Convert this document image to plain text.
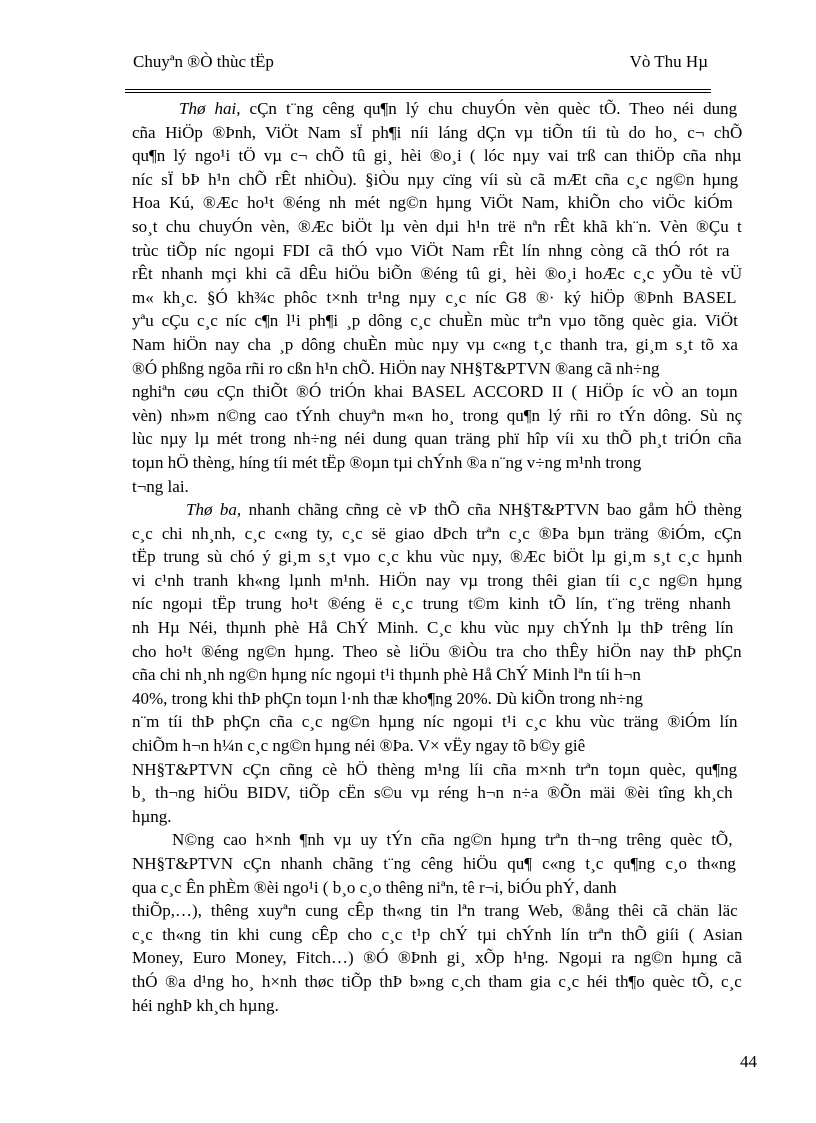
Chuyªn ®Ò thùc tËp	Vò Thu Hµ

Thø hai, cÇn t¨ng cêng qu¶n lý chu chuyÓn vèn quèc tÕ. Theo néi dung
cña HiÖp ®Þnh, ViÖt Nam sÏ ph¶i níi láng dÇn vµ tiÕn tíi tù do ho¸ c¬ chÕ
qu¶n lý ngo¹i tÖ vµ c¬ chÕ tû gi¸ hèi ®o¸i ( lóc nµy vai trß can thiÖp cña nhµ
níc sÏ bÞ h¹n chÕ rÊt nhiÒu). §iÒu nµy cïng víi sù cã mÆt cña c¸c ng©n hµng
Hoa Kú, ®Æc ho¹t ®éng nh mét ng©n hµng ViÖt Nam, khiÕn cho viÖc kiÓm
so¸t chu chuyÓn vèn, ®Æc biÖt lµ vèn dµi h¹n trë nªn rÊt khã kh¨n. Vèn ®Çu t
trùc tiÕp níc ngoµi FDI cã thÓ vµo ViÖt Nam rÊt lín nhng còng cã thÓ rót ra
rÊt nhanh mçi khi cã dÊu hiÖu biÕn ®éng tû gi¸ hèi ®o¸i hoÆc c¸c yÕu tè vÜ
m« kh¸c. §Ó kh¾c phôc t×nh tr¹ng nµy c¸c níc G8 ®· ký hiÖp ®Þnh BASEL
yªu cÇu c¸c níc c¶n l¹i ph¶i ¸p dông c¸c chuÈn mùc trªn vµo tõng quèc gia. ViÖt
Nam hiÖn nay cha ¸p dông chuÈn mùc nµy vµ c«ng t¸c thanh tra, gi¸m s¸t tõ xa
®Ó phßng ngõa rñi ro cßn h¹n chÕ. HiÖn nay NH§T&PTVN ®ang cã nh÷ng
nghiªn cøu cÇn thiÕt ®Ó triÓn khai BASEL ACCORD II ( HiÖp íc vÒ an toµn
vèn) nh»m n©ng cao tÝnh chuyªn m«n ho¸ trong qu¶n lý rñi ro tÝn dông. Sù nç
lùc nµy lµ mét trong nh÷ng néi dung quan träng phï hîp víi xu thÕ ph¸t triÓn cña
toµn hÖ thèng, híng tíi mét tËp ®oµn tµi chÝnh ®a n¨ng v÷ng m¹nh trong
t¬ng lai.

Thø ba, nhanh chãng cñng cè vÞ thÕ cña NH§T&PTVN bao gåm hÖ thèng
c¸c chi nh¸nh, c¸c c«ng ty, c¸c së giao dÞch trªn c¸c ®Þa bµn träng ®iÓm, cÇn
tËp trung sù chó ý gi¸m s¸t vµo c¸c khu vùc nµy, ®Æc biÖt lµ gi¸m s¸t c¸c hµnh
vi c¹nh tranh kh«ng lµnh m¹nh. HiÖn nay vµ trong thêi gian tíi c¸c ng©n hµng
níc ngoµi tËp trung ho¹t ®éng ë c¸c trung t©m kinh tÕ lín, t¨ng trëng nhanh
nh Hµ Néi, thµnh phè Hå ChÝ Minh. C¸c khu vùc nµy chÝnh lµ thÞ trêng lín
cho ho¹t ®éng ng©n hµng. Theo sè liÖu ®iÒu tra cho thÊy hiÖn nay thÞ phÇn
cña chi nh¸nh ng©n hµng níc ngoµi t¹i thµnh phè Hå ChÝ Minh lªn tíi h¬n
40%, trong khi thÞ phÇn toµn l·nh thæ kho¶ng 20%. Dù kiÕn trong nh÷ng
n¨m tíi thÞ phÇn cña c¸c ng©n hµng níc ngoµi t¹i c¸c khu vùc träng ®iÓm lín
chiÕm h¬n h¼n c¸c ng©n hµng néi ®Þa. V× vËy ngay tõ b©y giê
NH§T&PTVN cÇn cñng cè hÖ thèng m¹ng líi cña m×nh trªn toµn quèc, qu¶ng
b¸ th¬ng hiÖu BIDV, tiÕp cËn s©u vµ réng h¬n n÷a ®Õn mäi ®èi tîng kh¸ch
hµng.

N©ng cao h×nh ¶nh vµ uy tÝn cña ng©n hµng trªn th¬ng trêng quèc tÕ,
NH§T&PTVN cÇn nhanh chãng t¨ng cêng hiÖu qu¶ c«ng t¸c qu¶ng c¸o th«ng
qua c¸c Ên phÈm ®èi ngo¹i ( b¸o c¸o thêng niªn, tê r¬i, biÓu phÝ, danh
thiÕp,…), thêng xuyªn cung cÊp th«ng tin lªn trang Web, ®ång thêi cã chän läc
c¸c th«ng tin khi cung cÊp cho c¸c t¹p chÝ tµi chÝnh lín trªn thÕ giíi ( Asian
Money, Euro Money, Fitch…) ®Ó ®Þnh gi¸ xÕp h¹ng. Ngoµi ra ng©n hµng cã
thÓ ®a d¹ng ho¸ h×nh thøc tiÕp thÞ b»ng c¸ch tham gia c¸c héi th¶o quèc tÕ, c¸c
héi nghÞ kh¸ch hµng.

44
